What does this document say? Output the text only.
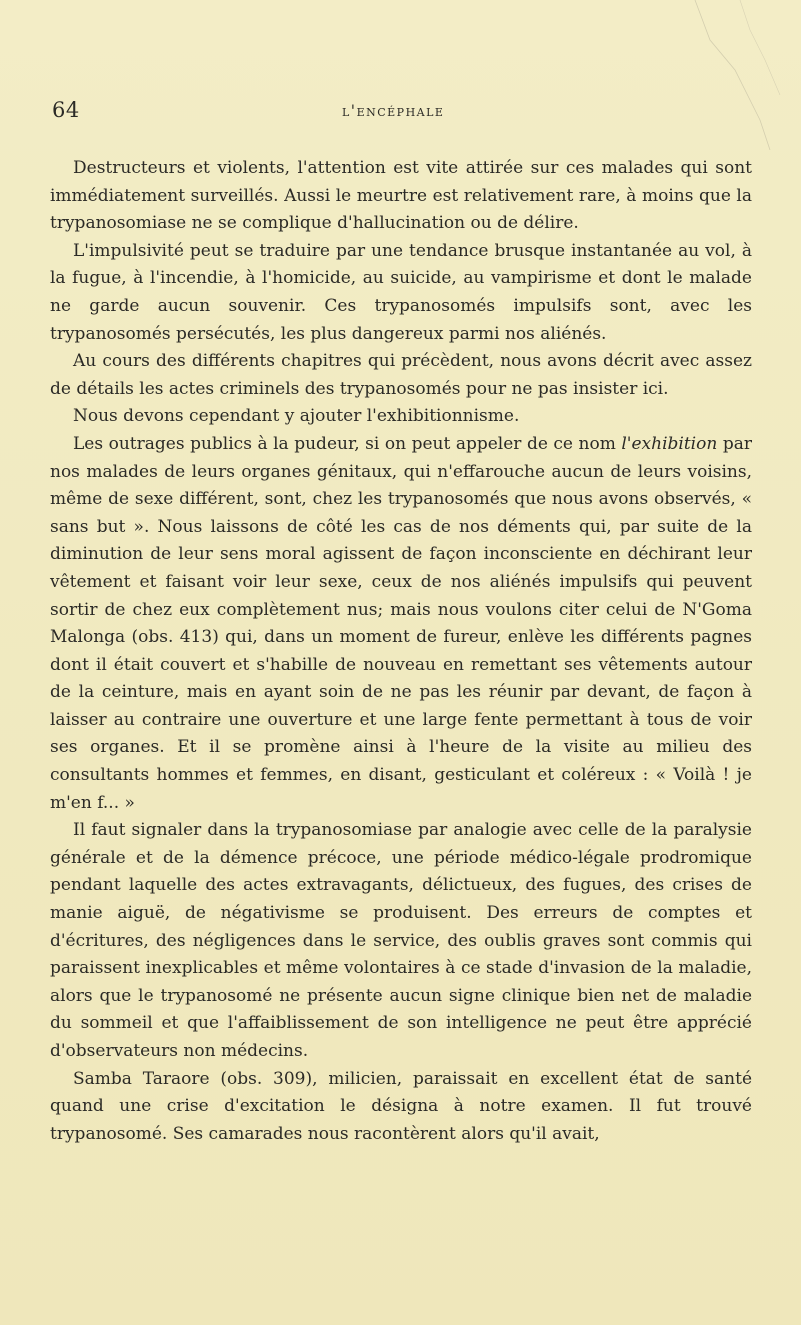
64	l'encéphale

Destructeurs et violents, l'attention est vite attirée sur ces malades qui sont immédiatement surveillés. Aussi le meurtre est relativement rare, à moins que la trypanosomiase ne se complique d'hallucination ou de délire.

L'impulsivité peut se traduire par une tendance brusque instantanée au vol, à la fugue, à l'incendie, à l'homicide, au suicide, au vampirisme et dont le malade ne garde aucun souvenir. Ces trypanosomés impulsifs sont, avec les trypanosomés persécutés, les plus dangereux parmi nos aliénés.

Au cours des différents chapitres qui précèdent, nous avons décrit avec assez de détails les actes criminels des trypanosomés pour ne pas insister ici.

Nous devons cependant y ajouter l'exhibitionnisme.

Les outrages publics à la pudeur, si on peut appeler de ce nom l'exhibition par nos malades de leurs organes génitaux, qui n'effarouche aucun de leurs voisins, même de sexe différent, sont, chez les trypanosomés que nous avons observés, « sans but ». Nous laissons de côté les cas de nos déments qui, par suite de la diminution de leur sens moral agissent de façon inconsciente en déchirant leur vêtement et faisant voir leur sexe, ceux de nos aliénés impulsifs qui peuvent sortir de chez eux complètement nus; mais nous voulons citer celui de N'Goma Malonga (obs. 413) qui, dans un moment de fureur, enlève les différents pagnes dont il était couvert et s'habille de nouveau en remettant ses vêtements autour de la ceinture, mais en ayant soin de ne pas les réunir par devant, de façon à laisser au contraire une ouverture et une large fente permettant à tous de voir ses organes. Et il se promène ainsi à l'heure de la visite au milieu des consultants hommes et femmes, en disant, gesticulant et coléreux : « Voilà ! je m'en f... »

Il faut signaler dans la trypanosomiase par analogie avec celle de la paralysie générale et de la démence précoce, une période médico-légale prodromique pendant laquelle des actes extravagants, délictueux, des fugues, des crises de manie aiguë, de négativisme se produisent. Des erreurs de comptes et d'écritures, des négligences dans le service, des oublis graves sont commis qui paraissent inexplicables et même volontaires à ce stade d'invasion de la maladie, alors que le trypanosomé ne présente aucun signe clinique bien net de maladie du sommeil et que l'affaiblissement de son intelligence ne peut être apprécié d'observateurs non médecins.

Samba Taraore (obs. 309), milicien, paraissait en excellent état de santé quand une crise d'excitation le désigna à notre examen. Il fut trouvé trypanosomé. Ses camarades nous racontèrent alors qu'il avait,
